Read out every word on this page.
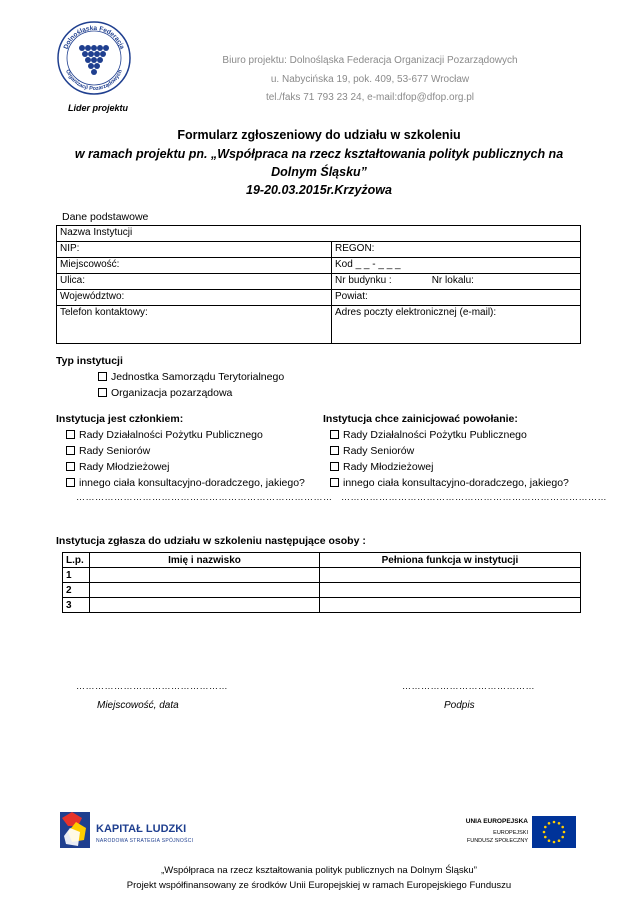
Dolnośląska Federacja
Organizacji Pozarządowych
Lider projektu
Biuro projektu: Dolnośląska Federacja Organizacji Pozarządowych
u. Nabycińska 19, pok. 409, 53-677 Wrocław
tel./faks 71 793 23 24, e-mail:dfop@dfop.org.pl
Formularz zgłoszeniowy do udziału w szkoleniu
w ramach projektu pn. „Współpraca na rzecz kształtowania polityk publicznych na
Dolnym Śląsku”
19-20.03.2015r.Krzyżowa
Dane podstawowe
Nazwa Instytucji	
NIP:	REGON:
Miejscowość:	Kod _ _ - _ _ _
Ulica:	Nr budynku : Nr lokalu:
Województwo:	Powiat:
Telefon kontaktowy:	Adres poczty elektronicznej (e-mail):
Typ instytucji
Jednostka Samorządu Terytorialnego
Organizacja pozarządowa
Instytucja jest członkiem:
Rady Działalności Pożytku Publicznego
Rady Seniorów
Rady Młodzieżowej
innego ciała konsultacyjno-doradczego, jakiego?
………………………………………………………………………
Instytucja chce zainicjować powołanie:
Rady Działalności Pożytku Publicznego
Rady Seniorów
Rady Młodzieżowej
innego ciała konsultacyjno-doradczego, jakiego?
…………………………………………………………………………
Instytucja zgłasza do udziału w szkoleniu następujące osoby :
L.p.	Imię i nazwisko	Pełniona funkcja w instytucji
1		
2		
3		
…………………………………………
Miejscowość, data
……………………………………
Podpis
KAPITAŁ LUDZKI
NARODOWA STRATEGIA SPÓJNOŚCI
UNIA EUROPEJSKA
EUROPEJSKI
FUNDUSZ SPOŁECZNY
„Współpraca na rzecz kształtowania polityk publicznych na Dolnym Śląsku”
Projekt współfinansowany ze środków Unii Europejskiej w ramach Europejskiego Funduszu
